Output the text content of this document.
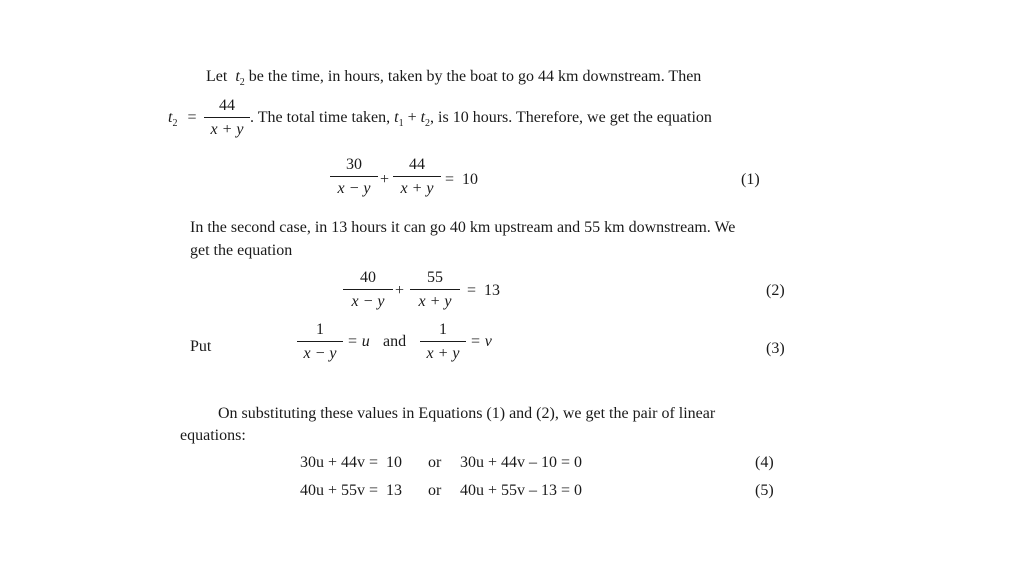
Let $t_2$ be the time, in hours, taken by the boat to go 44 km downstream. Then
$t_2$ =
44
x + y
. The total time taken, $t_1 + t_2$, is 10 hours. Therefore, we get the equation
30
x − y
+
44
x + y
=  10	(1)
In the second case, in 13 hours it can go 40 km upstream and 55 km downstream. We
get the equation
40
x − y
+
55
x + y
=  13	(2)
Put
1
x − y
= u and
1
x + y
= v	(3)
On substituting these values in Equations (1) and (2), we get the pair of linear
equations:
30u + 44v =  10 or 30u + 44v – 10 = 0	(4)
40u + 55v =  13 or 40u + 55v – 13 = 0	(5)
